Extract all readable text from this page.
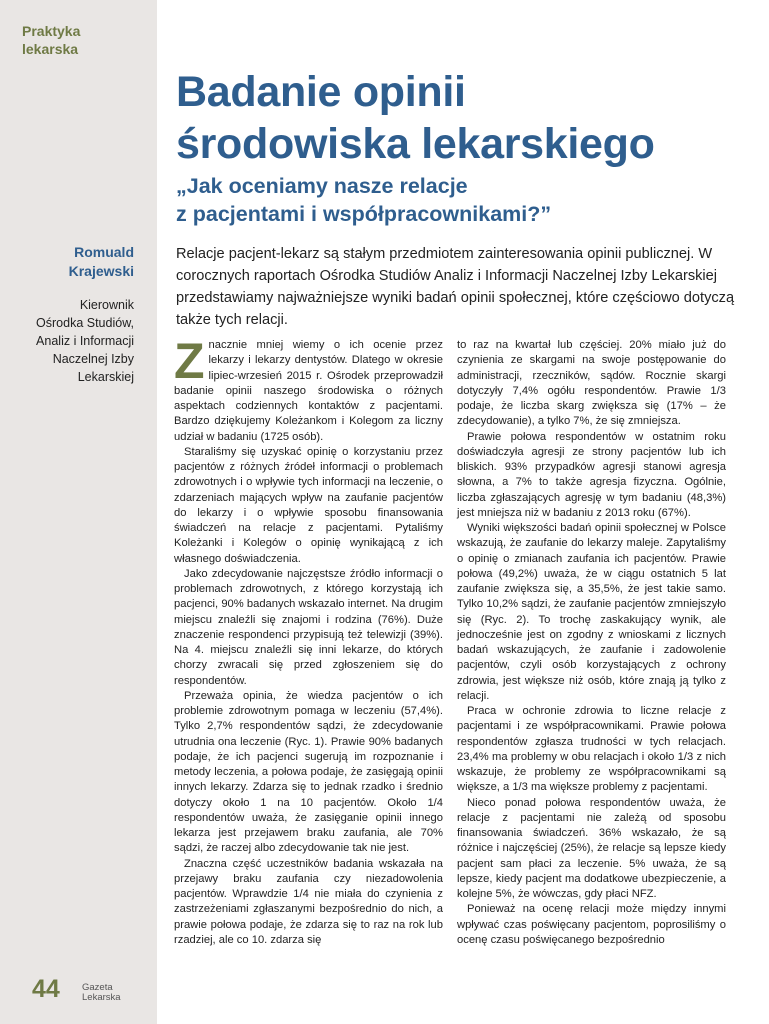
Praktyka
lekarska
Romuald
Krajewski
Kierownik
Ośrodka Studiów,
Analiz i Informacji
Naczelnej Izby
Lekarskiej
Badanie opinii
środowiska lekarskiego
„Jak oceniamy nasze relacje
z pacjentami i współpracownikami?”

Relacje pacjent-lekarz są stałym przedmiotem zainteresowania opinii publicznej. W corocznych raportach Ośrodka Studiów Analiz i Informacji Naczelnej Izby Lekarskiej przedstawiamy najważniejsze wyniki badań opinii społecznej, które częściowo dotyczą także tych relacji.

Znacznie mniej wiemy o ich ocenie przez lekarzy i lekarzy dentystów. Dlatego w okresie lipiec-wrzesień 2015 r. Ośrodek przeprowadził badanie opinii naszego środowiska o różnych aspektach codziennych kontaktów z pacjentami. Bardzo dziękujemy Koleżankom i Kolegom za liczny udział w badaniu (1725 osób).

Staraliśmy się uzyskać opinię o korzystaniu przez pacjentów z różnych źródeł informacji o problemach zdrowotnych i o wpływie tych informacji na leczenie, o zdarzeniach mających wpływ na zaufanie pacjentów do lekarzy i o wpływie sposobu finansowania świadczeń na relacje z pacjentami. Pytaliśmy Koleżanki i Kolegów o opinię wynikającą z ich własnego doświadczenia.

Jako zdecydowanie najczęstsze źródło informacji o problemach zdrowotnych, z którego korzystają ich pacjenci, 90% badanych wskazało internet. Na drugim miejscu znaleźli się znajomi i rodzina (76%). Duże znaczenie respondenci przypisują też telewizji (39%). Na 4. miejscu znaleźli się inni lekarze, do których chorzy zwracali się przed zgłoszeniem się do respondentów.

Przeważa opinia, że wiedza pacjentów o ich problemie zdrowotnym pomaga w leczeniu (57,4%). Tylko 2,7% respondentów sądzi, że zdecydowanie utrudnia ona leczenie (Ryc. 1). Prawie 90% badanych podaje, że ich pacjenci sugerują im rozpoznanie i metody leczenia, a połowa podaje, że zasięgają opinii innych lekarzy. Zdarza się to jednak rzadko i średnio dotyczy około 1 na 10 pacjentów. Około 1/4 respondentów uważa, że zasięganie opinii innego lekarza jest przejawem braku zaufania, ale 70% sądzi, że raczej albo zdecydowanie tak nie jest.

Znaczna część uczestników badania wskazała na przejawy braku zaufania czy niezadowolenia pacjentów. Wprawdzie 1/4 nie miała do czynienia z zastrzeżeniami zgłaszanymi bezpośrednio do nich, a prawie połowa podaje, że zdarza się to raz na rok lub rzadziej, ale co 10. zdarza się

to raz na kwartał lub częściej. 20% miało już do czynienia ze skargami na swoje postępowanie do administracji, rzeczników, sądów. Rocznie skargi dotyczyły 7,4% ogółu respondentów. Prawie 1/3 podaje, że liczba skarg zwiększa się (17% – że zdecydowanie), a tylko 7%, że się zmniejsza.

Prawie połowa respondentów w ostatnim roku doświadczyła agresji ze strony pacjentów lub ich bliskich. 93% przypadków agresji stanowi agresja słowna, a 7% to także agresja fizyczna. Ogólnie, liczba zgłaszających agresję w tym badaniu (48,3%) jest mniejsza niż w badaniu z 2013 roku (67%).

Wyniki większości badań opinii społecznej w Polsce wskazują, że zaufanie do lekarzy maleje. Zapytaliśmy o opinię o zmianach zaufania ich pacjentów. Prawie połowa (49,2%) uważa, że w ciągu ostatnich 5 lat zaufanie zwiększa się, a 35,5%, że jest takie samo. Tylko 10,2% sądzi, że zaufanie pacjentów zmniejszyło się (Ryc. 2). To trochę zaskakujący wynik, ale jednocześnie jest on zgodny z wnioskami z licznych badań wskazujących, że zaufanie i zadowolenie pacjentów, czyli osób korzystających z ochrony zdrowia, jest większe niż osób, które znają ją tylko z relacji.

Praca w ochronie zdrowia to liczne relacje z pacjentami i ze współpracownikami. Prawie połowa respondentów zgłasza trudności w tych relacjach. 23,4% ma problemy w obu relacjach i około 1/3 z nich wskazuje, że problemy ze współpracownikami są większe, a 1/3 ma większe problemy z pacjentami.

Nieco ponad połowa respondentów uważa, że relacje z pacjentami nie zależą od sposobu finansowania świadczeń. 36% wskazało, że są różnice i najczęściej (25%), że relacje są lepsze kiedy pacjent sam płaci za leczenie. 5% uważa, że są lepsze, kiedy pacjent ma dodatkowe ubezpieczenie, a kolejne 5%, że wówczas, gdy płaci NFZ.

Ponieważ na ocenę relacji może między innymi wpływać czas poświęcany pacjentom, poprosiliśmy o ocenę czasu poświęcanego bezpośrednio

44 Gazeta
Lekarska
